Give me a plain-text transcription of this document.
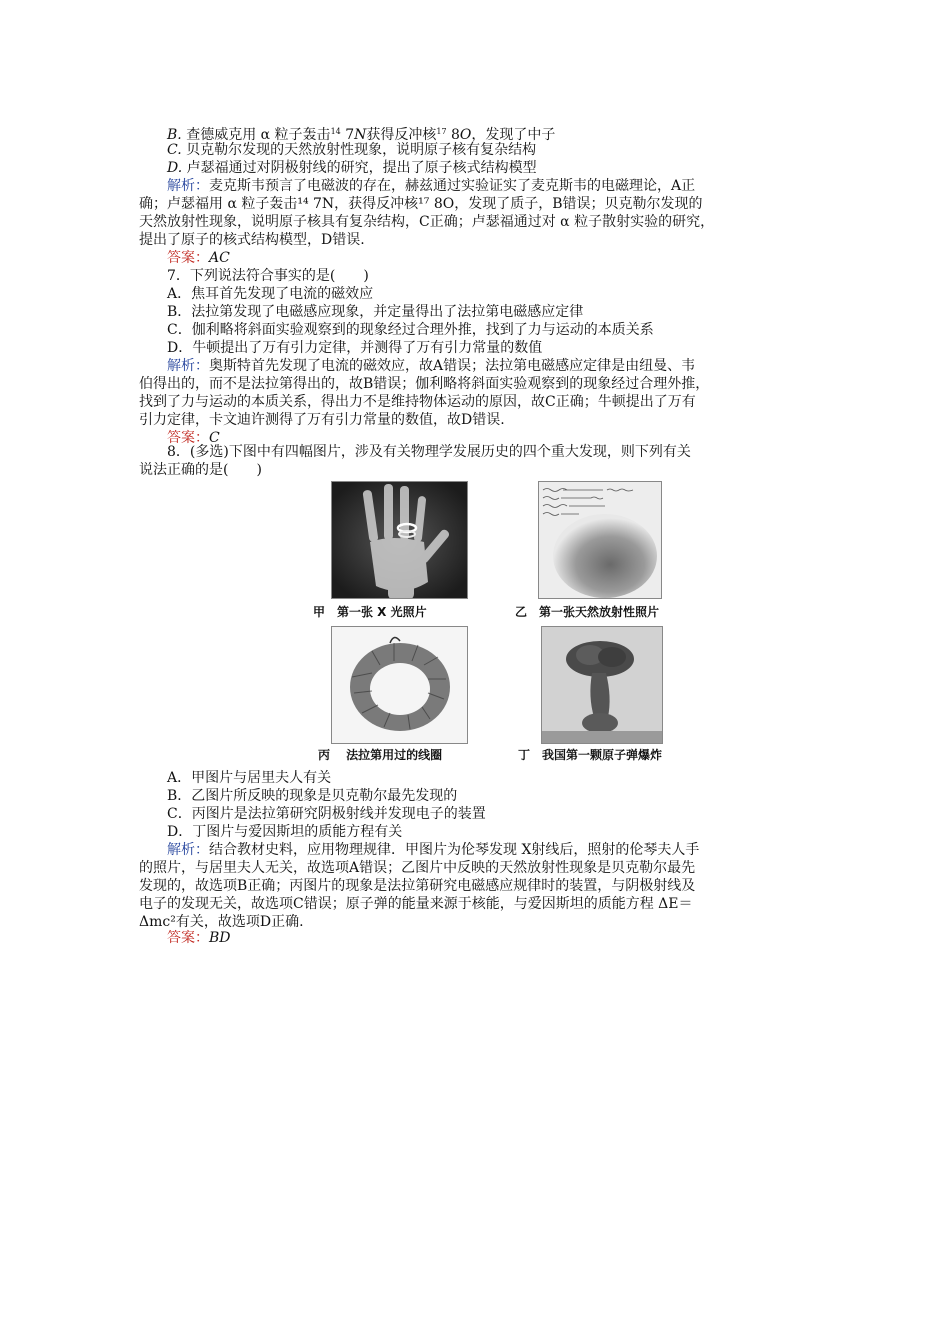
B. 查德威克用 α 粒子轰击$^{14}$ 7N获得反冲核$^{17}$ 8O，发现了中子
C. 贝克勒尔发现的天然放射性现象，说明原子核有复杂结构
D. 卢瑟福通过对阴极射线的研究，提出了原子核式结构模型
解析：麦克斯韦预言了电磁波的存在，赫兹通过实验证实了麦克斯韦的电磁理论，A正
确；卢瑟福用 α 粒子轰击¹⁴ 7N，获得反冲核¹⁷ 8O，发现了质子，B错误；贝克勒尔发现的
天然放射性现象，说明原子核具有复杂结构，C正确；卢瑟福通过对 α 粒子散射实验的研究，
提出了原子的核式结构模型，D错误.
答案：AC
7．下列说法符合事实的是(　　)
A．焦耳首先发现了电流的磁效应
B．法拉第发现了电磁感应现象，并定量得出了法拉第电磁感应定律
C．伽利略将斜面实验观察到的现象经过合理外推，找到了力与运动的本质关系
D．牛顿提出了万有引力定律，并测得了万有引力常量的数值
解析：奥斯特首先发现了电流的磁效应，故A错误；法拉第电磁感应定律是由纽曼、韦
伯得出的，而不是法拉第得出的，故B错误；伽利略将斜面实验观察到的现象经过合理外推，
找到了力与运动的本质关系，得出力不是维持物体运动的原因，故C正确；牛顿提出了万有
引力定律，卡文迪许测得了万有引力常量的数值，故D错误.
答案：C
8．(多选)下图中有四幅图片，涉及有关物理学发展历史的四个重大发现，则下列有关
说法正确的是(　　)
甲　第一张 X 光照片	乙　第一张天然放射性照片
丙　 法拉第用过的线圈	丁　我国第一颗原子弹爆炸
A．甲图片与居里夫人有关
B．乙图片所反映的现象是贝克勒尔最先发现的
C．丙图片是法拉第研究阴极射线并发现电子的装置
D．丁图片与爱因斯坦的质能方程有关
解析：结合教材史料，应用物理规律．甲图片为伦琴发现 X射线后，照射的伦琴夫人手
的照片，与居里夫人无关，故选项A错误；乙图片中反映的天然放射性现象是贝克勒尔最先
发现的，故选项B正确；丙图片的现象是法拉第研究电磁感应规律时的装置，与阴极射线及
电子的发现无关，故选项C错误；原子弹的能量来源于核能，与爱因斯坦的质能方程 ΔE＝
Δmc²有关，故选项D正确.
答案：BD
